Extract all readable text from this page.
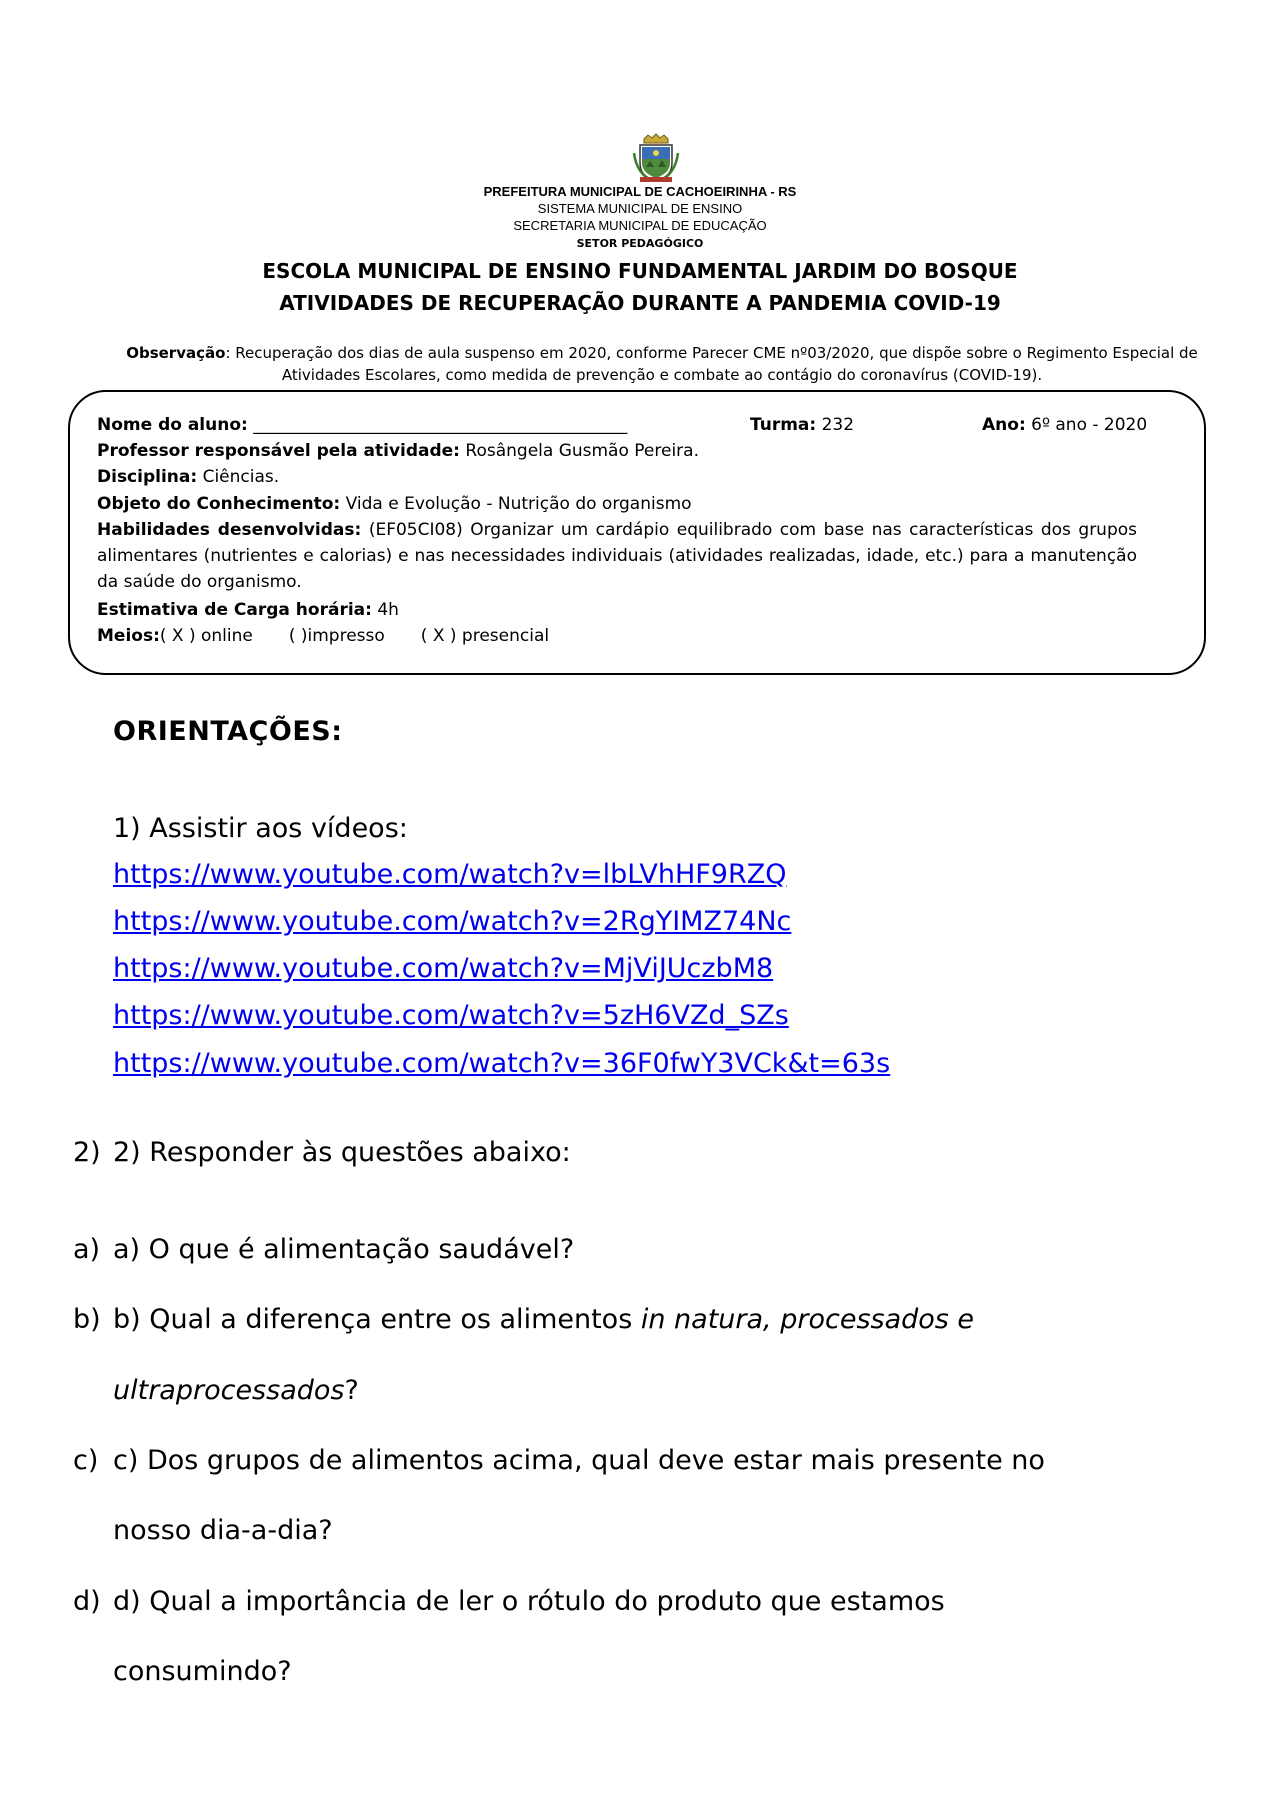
PREFEITURA MUNICIPAL DE CACHOEIRINHA - RS
SISTEMA MUNICIPAL DE ENSINO
SECRETARIA MUNICIPAL DE EDUCAÇÃO
SETOR PEDAGÓGICO
ESCOLA MUNICIPAL DE ENSINO FUNDAMENTAL JARDIM DO BOSQUE
ATIVIDADES DE RECUPERAÇÃO DURANTE A PANDEMIA COVID-19
Observação: Recuperação dos dias de aula suspenso em 2020, conforme Parecer CME nº03/2020, que dispõe sobre o Regimento Especial de Atividades Escolares, como medida de prevenção e combate ao contágio do coronavírus (COVID-19).
Nome do aluno: ____________________________________________	Turma: 232	Ano: 6º ano - 2020
Professor responsável pela atividade: Rosângela Gusmão Pereira.
Disciplina: Ciências.
Objeto do Conhecimento: Vida e Evolução - Nutrição do organismo
Habilidades desenvolvidas: (EF05CI08) Organizar um cardápio equilibrado com base nas características dos grupos alimentares (nutrientes e calorias) e nas necessidades individuais (atividades realizadas, idade, etc.) para a manutenção da saúde do organismo.
Estimativa de Carga horária: 4h
Meios:( X ) online ( )impresso ( X ) presencial
ORIENTAÇÕES:
1) Assistir aos vídeos:
https://www.youtube.com/watch?v=lbLVhHF9RZQ
https://www.youtube.com/watch?v=2RgYIMZ74Nc
https://www.youtube.com/watch?v=MjViJUczbM8
https://www.youtube.com/watch?v=5zH6VZd_SZs
https://www.youtube.com/watch?v=36F0fwY3VCk&t=63s
2) 2) Responder às questões abaixo:
a) a) O que é alimentação saudável?
b) b) Qual a diferença entre os alimentos in natura, processados e
ultraprocessados?
c) c) Dos grupos de alimentos acima, qual deve estar mais presente no
nosso dia-a-dia?
d) d) Qual a importância de ler o rótulo do produto que estamos
consumindo?
